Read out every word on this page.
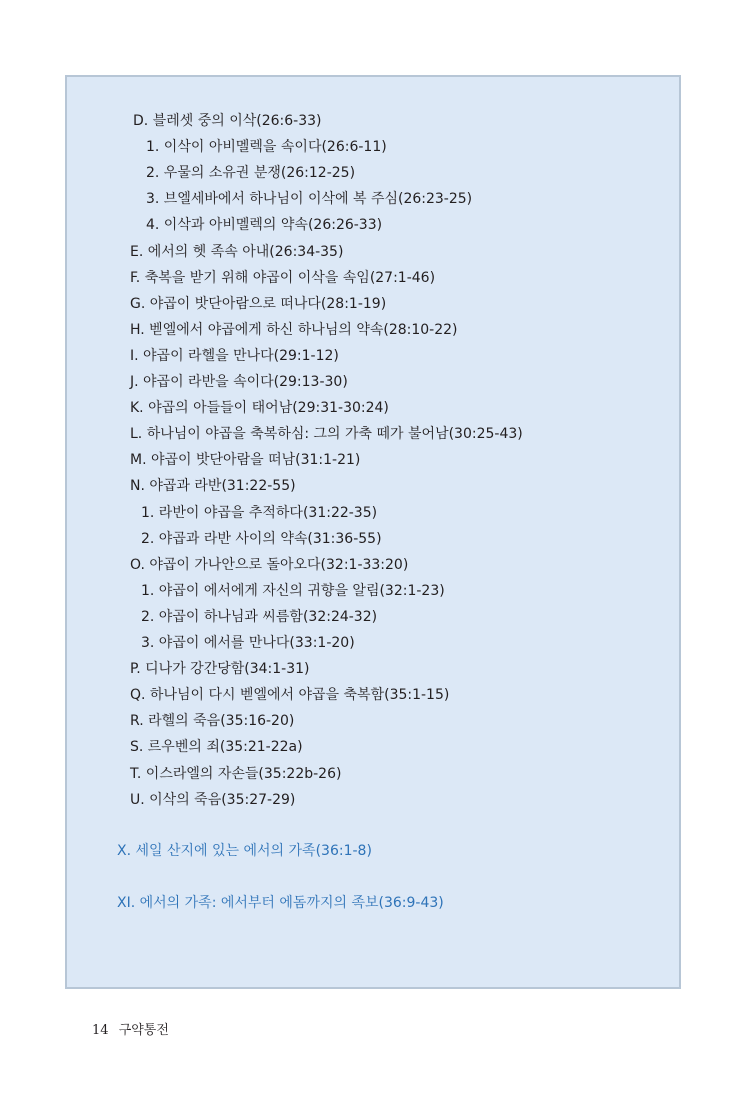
D. 블레셋 중의 이삭(26:6-33)
1. 이삭이 아비멜렉을 속이다(26:6-11)
2. 우물의 소유권 분쟁(26:12-25)
3. 브엘세바에서 하나님이 이삭에 복 주심(26:23-25)
4. 이삭과 아비멜렉의 약속(26:26-33)
E. 에서의 헷 족속 아내(26:34-35)
F. 축복을 받기 위해 야곱이 이삭을 속임(27:1-46)
G. 야곱이 밧단아람으로 떠나다(28:1-19)
H. 벧엘에서 야곱에게 하신 하나님의 약속(28:10-22)
I. 야곱이 라헬을 만나다(29:1-12)
J. 야곱이 라반을 속이다(29:13-30)
K. 야곱의 아들들이 태어남(29:31-30:24)
L. 하나님이 야곱을 축복하심: 그의 가축 떼가 불어남(30:25-43)
M. 야곱이 밧단아람을 떠남(31:1-21)
N. 야곱과 라반(31:22-55)
1. 라반이 야곱을 추적하다(31:22-35)
2. 야곱과 라반 사이의 약속(31:36-55)
O. 야곱이 가나안으로 돌아오다(32:1-33:20)
1. 야곱이 에서에게 자신의 귀향을 알림(32:1-23)
2. 야곱이 하나님과 씨름함(32:24-32)
3. 야곱이 에서를 만나다(33:1-20)
P. 디나가 강간당함(34:1-31)
Q. 하나님이 다시 벧엘에서 야곱을 축복함(35:1-15)
R. 라헬의 죽음(35:16-20)
S. 르우벤의 죄(35:21-22a)
T. 이스라엘의 자손들(35:22b-26)
U. 이삭의 죽음(35:27-29)
X. 세일 산지에 있는 에서의 가족(36:1-8)
XI. 에서의 가족: 에서부터 에돔까지의 족보(36:9-43)
14 구약통전
